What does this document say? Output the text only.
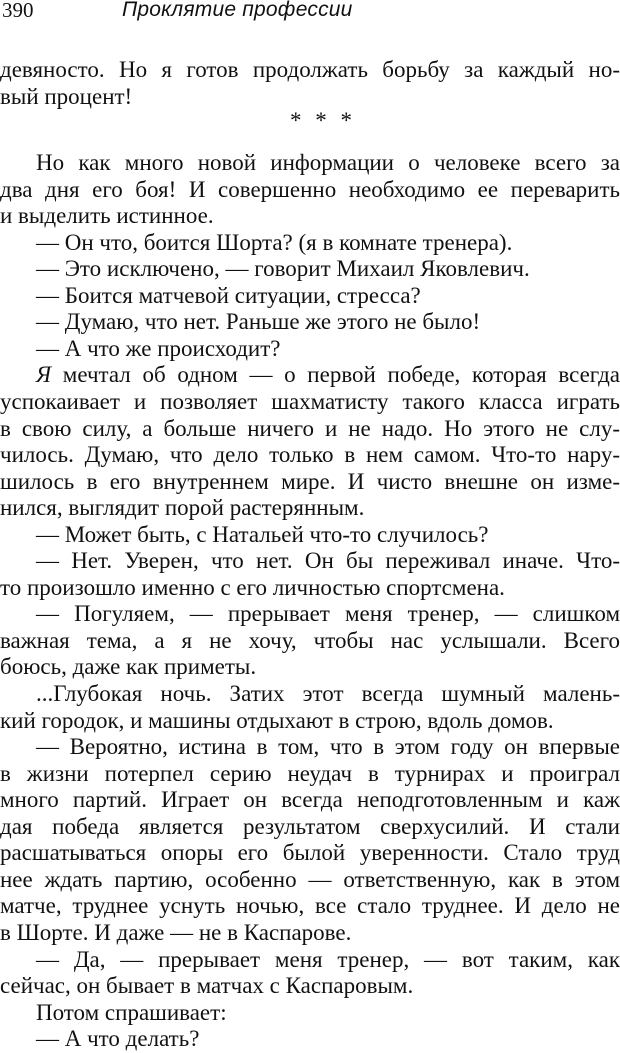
390	Проклятие профессии
девяносто. Но я готов продолжать борьбу за каждый но-
вый процент!
* * *
Но как много новой информации о человеке всего за
два дня его боя! И совершенно необходимо ее переварить
и выделить истинное.
— Он что, боится Шорта? (я в комнате тренера).
— Это исключено, — говорит Михаил Яковлевич.
— Боится матчевой ситуации, стресса?
— Думаю, что нет. Раньше же этого не было!
— А что же происходит?
Я мечтал об одном — о первой победе, которая всегда
успокаивает и позволяет шахматисту такого класса играть
в свою силу, а больше ничего и не надо. Но этого не слу-
чилось. Думаю, что дело только в нем самом. Что-то нару-
шилось в его внутреннем мире. И чисто внешне он изме-
нился, выглядит порой растерянным.
— Может быть, с Натальей что-то случилось?
— Нет. Уверен, что нет. Он бы переживал иначе. Что-
то произошло именно с его личностью спортсмена.
— Погуляем, — прерывает меня тренер, — слишком
важная тема, а я не хочу, чтобы нас услышали. Всего
боюсь, даже как приметы.
...Глубокая ночь. Затих этот всегда шумный малень-
кий городок, и машины отдыхают в строю, вдоль домов.
— Вероятно, истина в том, что в этом году он впервые
в жизни потерпел серию неудач в турнирах и проиграл
много партий. Играет он всегда неподготовленным и каж
дая победа является результатом сверхусилий. И стали
расшатываться опоры его былой уверенности. Стало труд
нее ждать партию, особенно — ответственную, как в этом
матче, труднее уснуть ночью, все стало труднее. И дело не
в Шорте. И даже — не в Каспарове.
— Да, — прерывает меня тренер, — вот таким, как
сейчас, он бывает в матчах с Каспаровым.
Потом спрашивает:
— А что делать?
